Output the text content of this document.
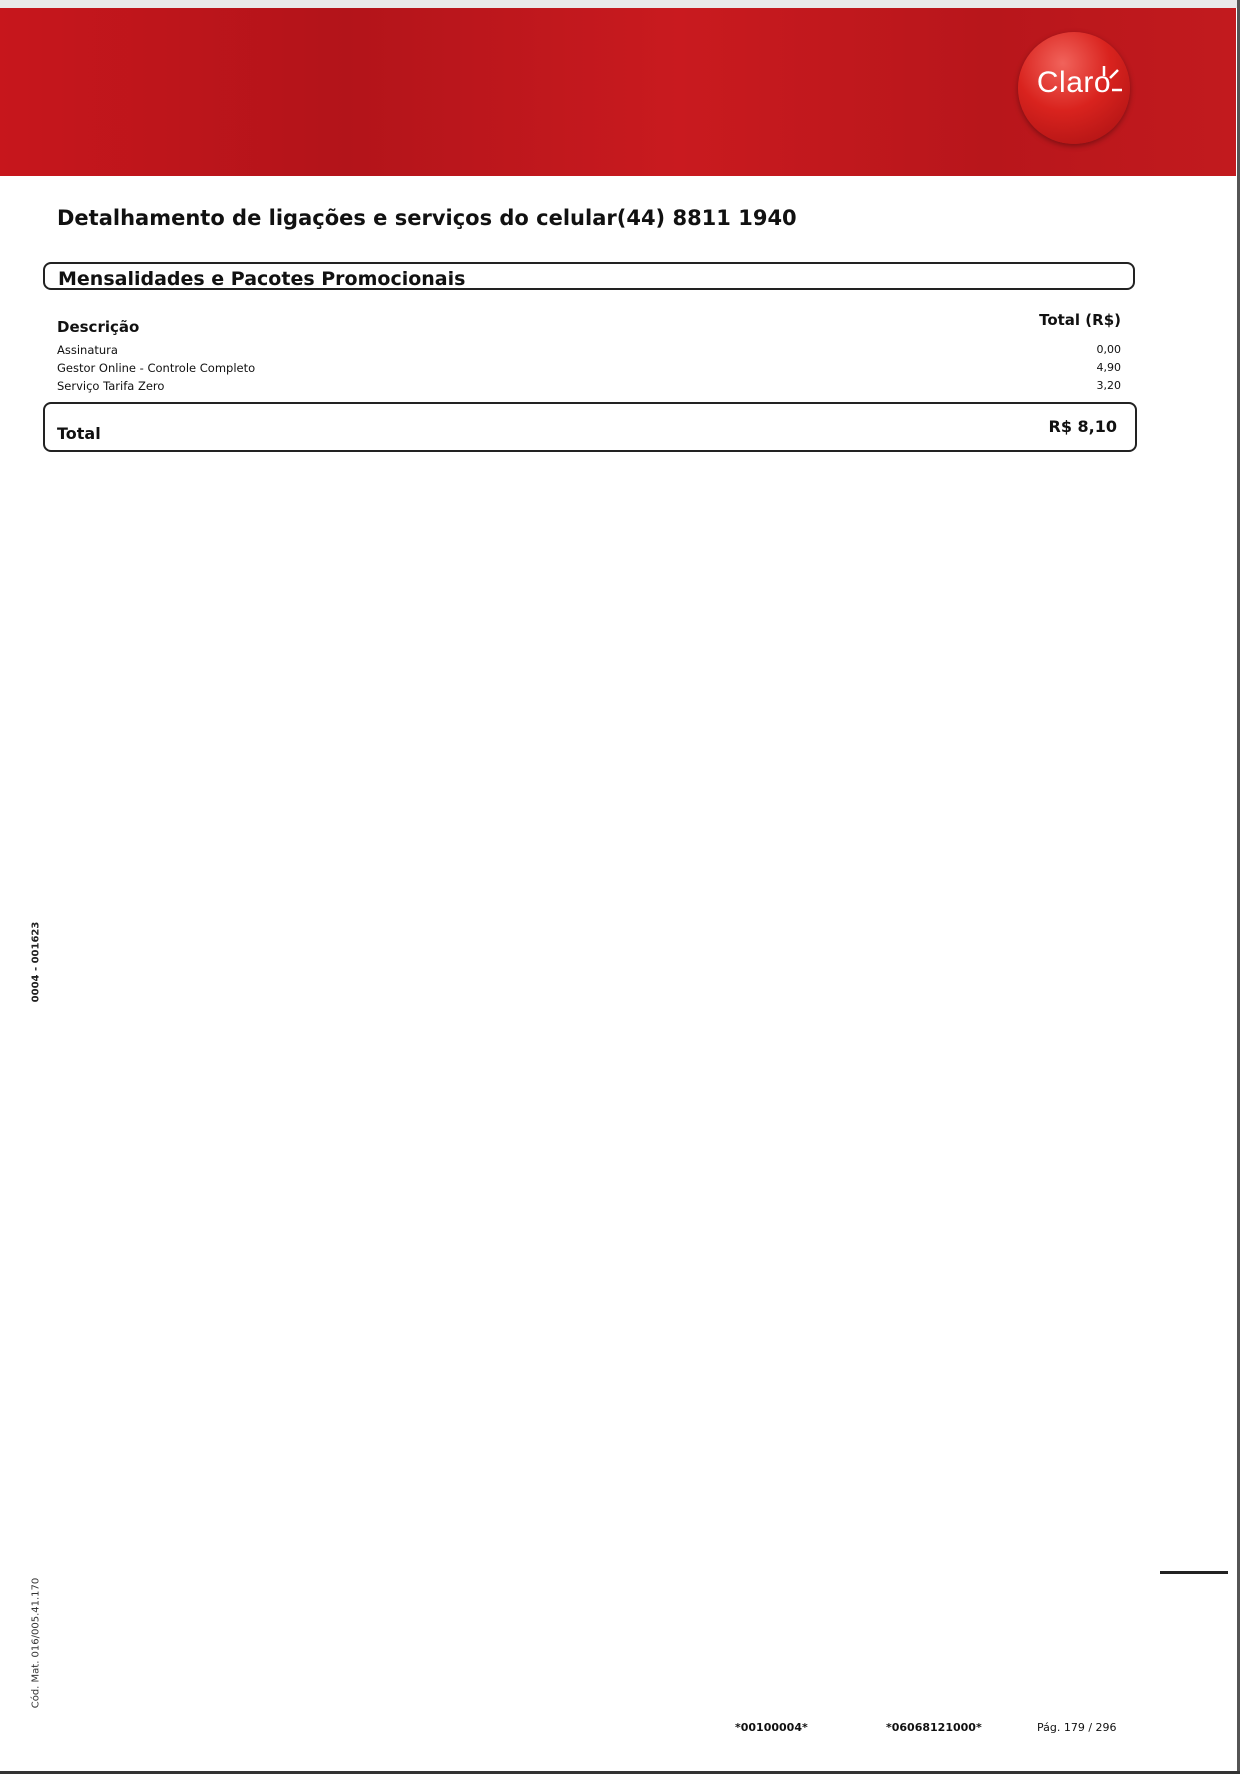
Claro
Detalhamento de ligações e serviços do celular(44) 8811 1940
Mensalidades e Pacotes Promocionais
Descrição	Total (R$)
Assinatura	0,00
Gestor Online - Controle Completo	4,90
Serviço Tarifa Zero	3,20
Total	R$ 8,10
0004 - 001623
Cód. Mat. 016/005.41.170
*00100004*	*06068121000*	Pág. 179 / 296
